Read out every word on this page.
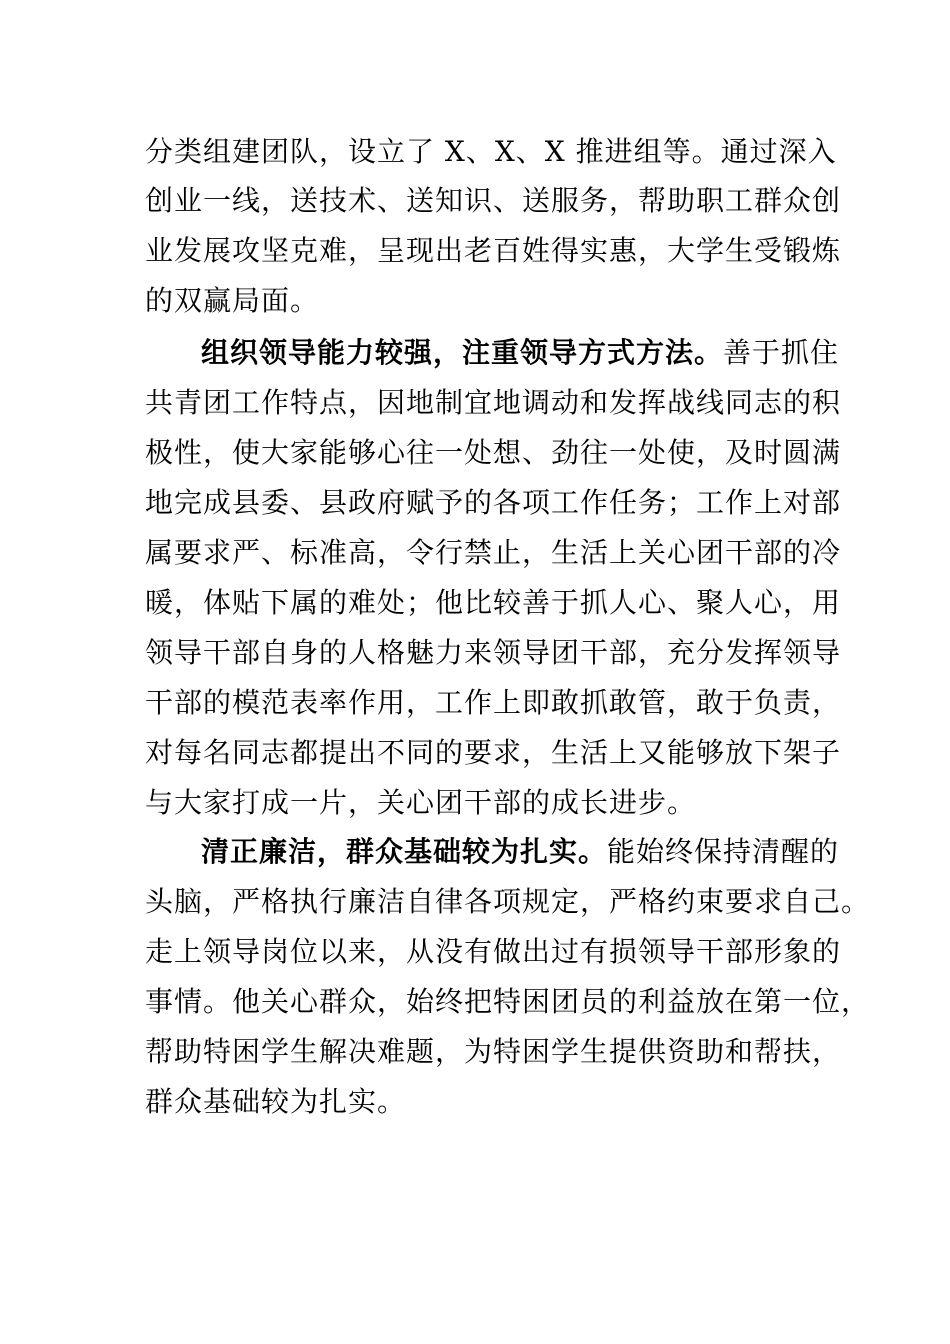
分类组建团队，设立了 X、X、X 推进组等。通过深入
创业一线，送技术、送知识、送服务，帮助职工群众创
业发展攻坚克难，呈现出老百姓得实惠，大学生受锻炼
的双赢局面。
组织领导能力较强，注重领导方式方法。善于抓住
共青团工作特点，因地制宜地调动和发挥战线同志的积
极性，使大家能够心往一处想、劲往一处使，及时圆满
地完成县委、县政府赋予的各项工作任务；工作上对部
属要求严、标准高，令行禁止，生活上关心团干部的冷
暖，体贴下属的难处；他比较善于抓人心、聚人心，用
领导干部自身的人格魅力来领导团干部，充分发挥领导
干部的模范表率作用，工作上即敢抓敢管，敢于负责，
对每名同志都提出不同的要求，生活上又能够放下架子
与大家打成一片，关心团干部的成长进步。
清正廉洁，群众基础较为扎实。能始终保持清醒的
头脑，严格执行廉洁自律各项规定，严格约束要求自己。
走上领导岗位以来，从没有做出过有损领导干部形象的
事情。他关心群众，始终把特困团员的利益放在第一位，
帮助特困学生解决难题，为特困学生提供资助和帮扶，
群众基础较为扎实。
